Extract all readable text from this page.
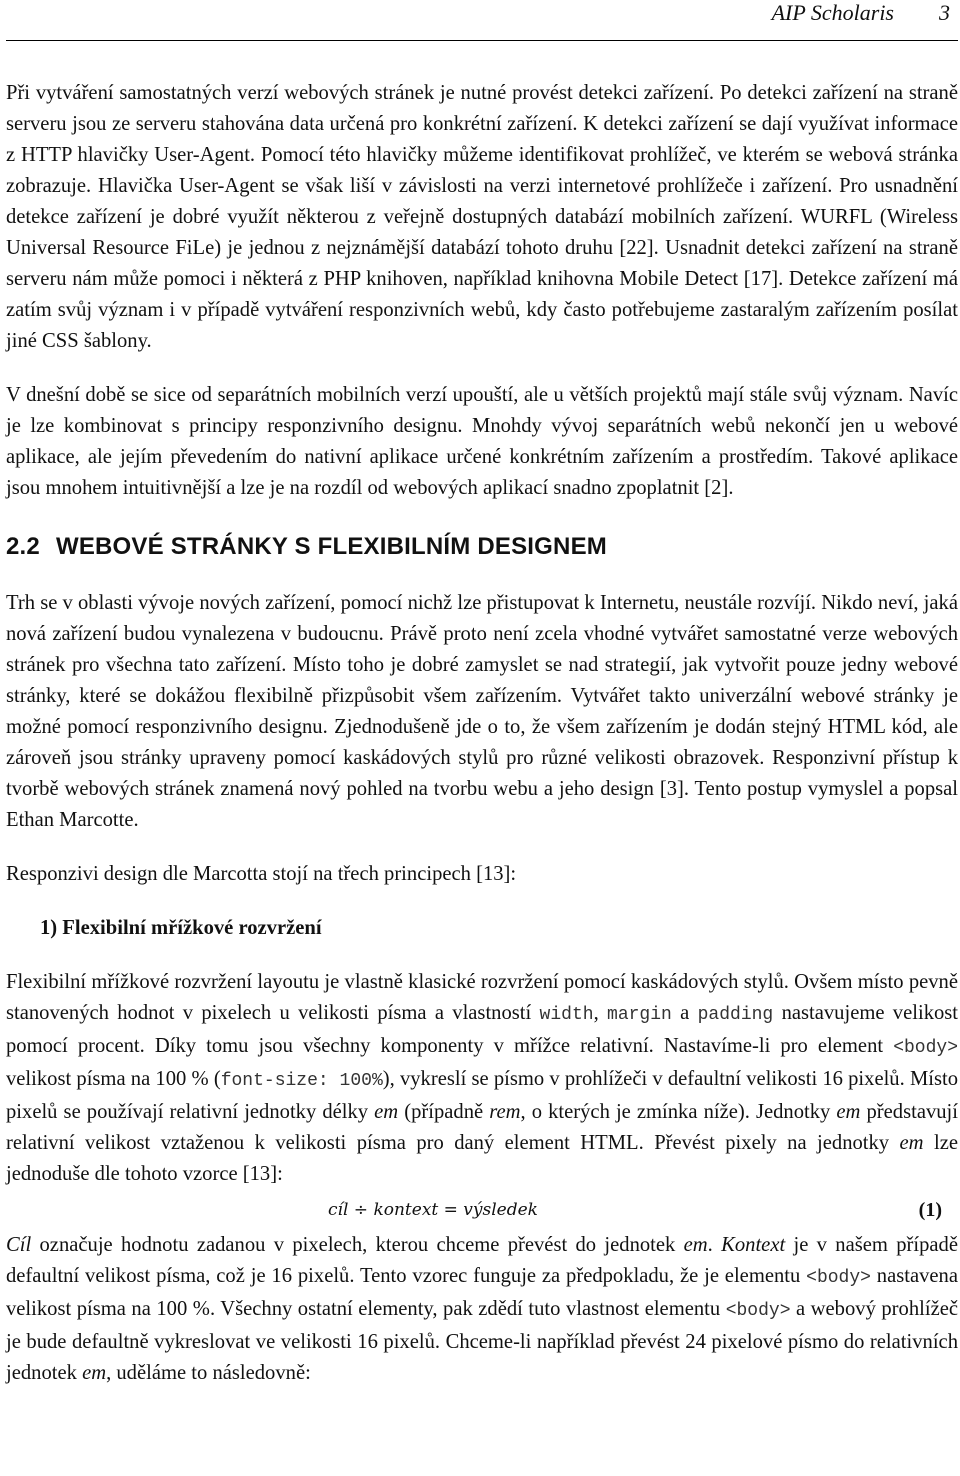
AIP Scholaris 3

Při vytváření samostatných verzí webových stránek je nutné provést detekci zařízení. Po detekci zařízení na straně serveru jsou ze serveru stahována data určená pro konkrétní zařízení. K detekci zařízení se dají využívat informace z HTTP hlavičky User-Agent. Pomocí této hlavičky můžeme identifikovat prohlížeč, ve kterém se webová stránka zobrazuje. Hlavička User-Agent se však liší v závislosti na verzi internetové prohlížeče i zařízení. Pro usnadnění detekce zařízení je dobré využít některou z veřejně dostupných databází mobilních zařízení. WURFL (Wireless Universal Resource FiLe) je jednou z nejznámější databází tohoto druhu [22]. Usnadnit detekci zařízení na straně serveru nám může pomoci i některá z PHP knihoven, například knihovna Mobile Detect [17]. Detekce zařízení má zatím svůj význam i v případě vytváření responzivních webů, kdy často potřebujeme zastaralým zařízením posílat jiné CSS šablony.

V dnešní době se sice od separátních mobilních verzí upouští, ale u větších projektů mají stále svůj význam. Navíc je lze kombinovat s principy responzivního designu. Mnohdy vývoj separátních webů nekončí jen u webové aplikace, ale jejím převedením do nativní aplikace určené konkrétním zařízením a prostředím. Takové aplikace jsou mnohem intuitivnější a lze je na rozdíl od webových aplikací snadno zpoplatnit [2].

2.2 WEBOVÉ STRÁNKY S FLEXIBILNÍM DESIGNEM

Trh se v oblasti vývoje nových zařízení, pomocí nichž lze přistupovat k Internetu, neustále rozvíjí. Nikdo neví, jaká nová zařízení budou vynalezena v budoucnu. Právě proto není zcela vhodné vytvářet samostatné verze webových stránek pro všechna tato zařízení. Místo toho je dobré zamyslet se nad strategií, jak vytvořit pouze jedny webové stránky, které se dokážou flexibilně přizpůsobit všem zařízením. Vytvářet takto univerzální webové stránky je možné pomocí responzivního designu. Zjednodušeně jde o to, že všem zařízením je dodán stejný HTML kód, ale zároveň jsou stránky upraveny pomocí kaskádových stylů pro různé velikosti obrazovek. Responzivní přístup k tvorbě webových stránek znamená nový pohled na tvorbu webu a jeho design [3]. Tento postup vymyslel a popsal Ethan Marcotte.

Responzivi design dle Marcotta stojí na třech principech [13]:

1) Flexibilní mřížkové rozvržení

Flexibilní mřížkové rozvržení layoutu je vlastně klasické rozvržení pomocí kaskádových stylů. Ovšem místo pevně stanovených hodnot v pixelech u velikosti písma a vlastností width, margin a padding nastavujeme velikost pomocí procent. Díky tomu jsou všechny komponenty v mřížce relativní. Nastavíme-li pro element <body> velikost písma na 100 % (font-size: 100%), vykreslí se písmo v prohlížeči v defaultní velikosti 16 pixelů. Místo pixelů se používají relativní jednotky délky em (případně rem, o kterých je zmínka níže). Jednotky em představují relativní velikost vztaženou k velikosti písma pro daný element HTML. Převést pixely na jednotky em lze jednoduše dle tohoto vzorce [13]:

cíl ÷ kontext = výsledek	(1)

Cíl označuje hodnotu zadanou v pixelech, kterou chceme převést do jednotek em. Kontext je v našem případě defaultní velikost písma, což je 16 pixelů. Tento vzorec funguje za předpokladu, že je elementu <body> nastavena velikost písma na 100 %. Všechny ostatní elementy, pak zdědí tuto vlastnost elementu <body> a webový prohlížeč je bude defaultně vykreslovat ve velikosti 16 pixelů. Chceme-li například převést 24 pixelové písmo do relativních jednotek em, uděláme to následovně:
